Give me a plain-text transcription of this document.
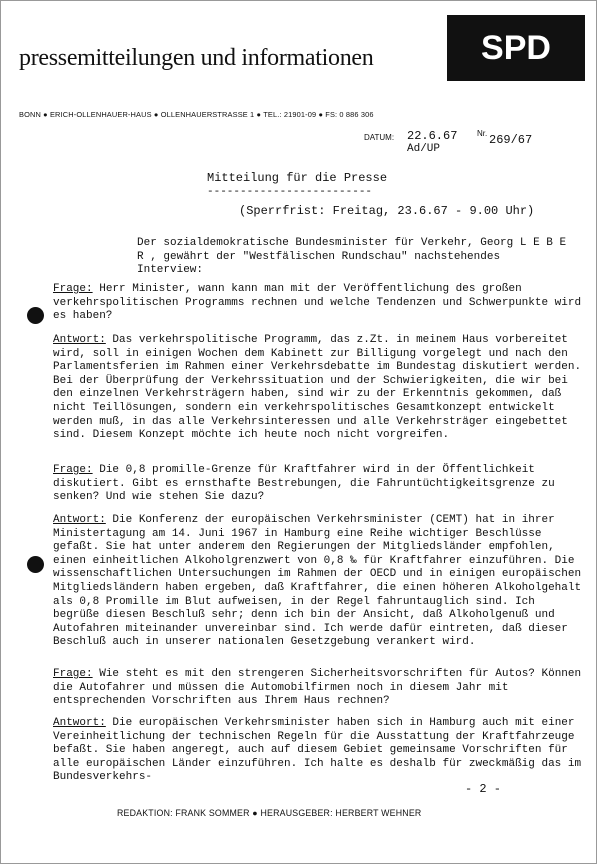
pressemitteilungen und informationen	SPD
BONN ● ERICH-OLLENHAUER-HAUS ● OLLENHAUERSTRASSE 1 ● TEL.: 21901-09 ● FS: 0 886 306
DATUM: 22.6.67
Ad/UP
Nr. 269/67
Mitteilung für die Presse
-------------------------
(Sperrfrist: Freitag, 23.6.67 - 9.00 Uhr)
Der sozialdemokratische Bundesminister für Verkehr, Georg L E B E R , gewährt der "Westfälischen Rundschau" nachstehendes Interview:
Frage: Herr Minister, wann kann man mit der Veröffentlichung des großen verkehrspolitischen Programms rechnen und welche Tendenzen und Schwerpunkte wird es haben?
Antwort: Das verkehrspolitische Programm, das z.Zt. in meinem Haus vorbereitet wird, soll in einigen Wochen dem Kabinett zur Billigung vorgelegt und nach den Parlamentsferien im Rahmen einer Verkehrsdebatte im Bundestag diskutiert werden. Bei der Überprüfung der Verkehrssituation und der Schwierigkeiten, die wir bei den einzelnen Verkehrsträgern haben, sind wir zu der Erkenntnis gekommen, daß nicht Teillösungen, sondern ein verkehrspolitisches Gesamtkonzept entwickelt werden muß, in das alle Verkehrsinteressen und alle Verkehrsträger eingebettet sind. Diesem Konzept möchte ich heute noch nicht vorgreifen.
Frage: Die 0,8 promille-Grenze für Kraftfahrer wird in der Öffentlichkeit diskutiert. Gibt es ernsthafte Bestrebungen, die Fahruntüchtigkeitsgrenze zu senken? Und wie stehen Sie dazu?
Antwort: Die Konferenz der europäischen Verkehrsminister (CEMT) hat in ihrer Ministertagung am 14. Juni 1967 in Hamburg eine Reihe wichtiger Beschlüsse gefaßt. Sie hat unter anderem den Regierungen der Mitgliedsländer empfohlen, einen einheitlichen Alkoholgrenzwert von 0,8 ‰ für Kraftfahrer einzuführen. Die wissenschaftlichen Untersuchungen im Rahmen der OECD und in einigen europäischen Mitgliedsländern haben ergeben, daß Kraftfahrer, die einen höheren Alkoholgehalt als 0,8 Promille im Blut aufweisen, in der Regel fahruntauglich sind. Ich begrüße diesen Beschluß sehr; denn ich bin der Ansicht, daß Alkoholgenuß und Autofahren miteinander unvereinbar sind. Ich werde dafür eintreten, daß dieser Beschluß auch in unserer nationalen Gesetzgebung verankert wird.
Frage: Wie steht es mit den strengeren Sicherheitsvorschriften für Autos? Können die Autofahrer und müssen die Automobilfirmen noch in diesem Jahr mit entsprechenden Vorschriften aus Ihrem Haus rechnen?
Antwort: Die europäischen Verkehrsminister haben sich in Hamburg auch mit einer Vereinheitlichung der technischen Regeln für die Ausstattung der Kraftfahrzeuge befaßt. Sie haben angeregt, auch auf diesem Gebiet gemeinsame Vorschriften für alle europäischen Länder einzuführen. Ich halte es deshalb für zweckmäßig das im Bundesverkehrs-
- 2 -
REDAKTION: FRANK SOMMER ● HERAUSGEBER: HERBERT WEHNER
